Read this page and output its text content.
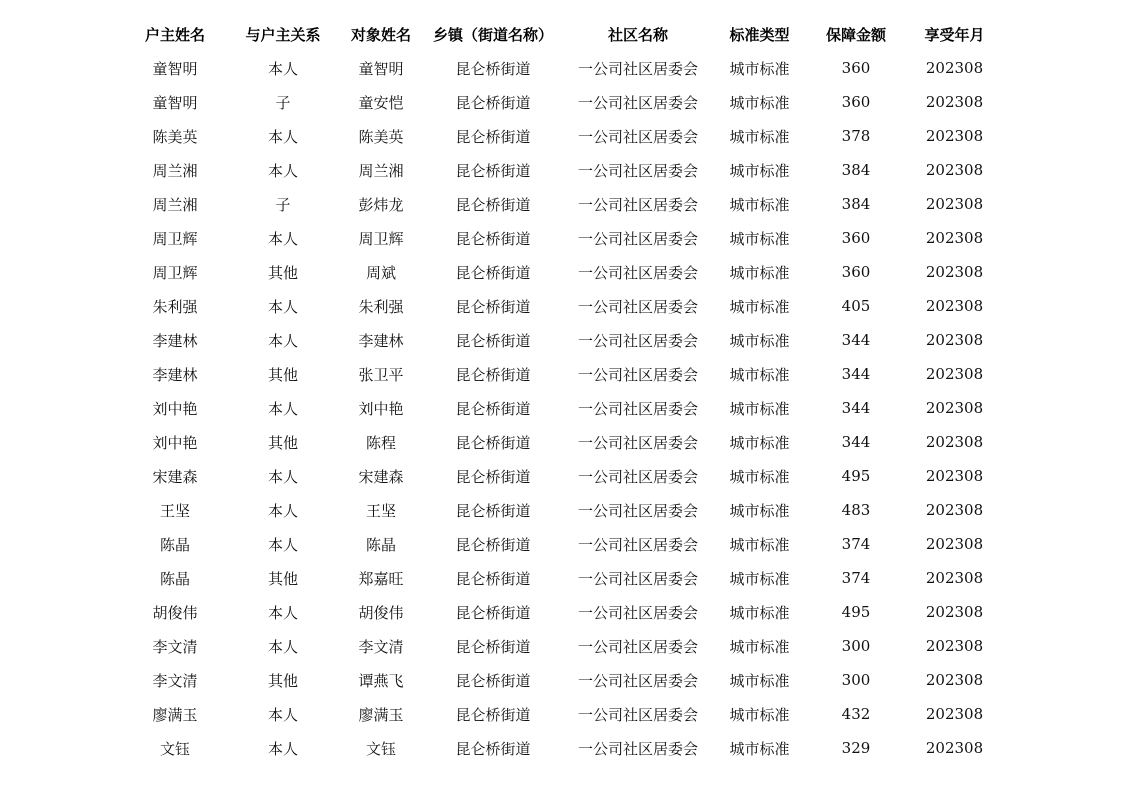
户主姓名	与户主关系	对象姓名	乡镇（街道名称）	社区名称	标准类型	保障金额	享受年月
童智明	本人	童智明	昆仑桥街道	一公司社区居委会	城市标准	360	202308
童智明	子	童安恺	昆仑桥街道	一公司社区居委会	城市标准	360	202308
陈美英	本人	陈美英	昆仑桥街道	一公司社区居委会	城市标准	378	202308
周兰湘	本人	周兰湘	昆仑桥街道	一公司社区居委会	城市标准	384	202308
周兰湘	子	彭炜龙	昆仑桥街道	一公司社区居委会	城市标准	384	202308
周卫辉	本人	周卫辉	昆仑桥街道	一公司社区居委会	城市标准	360	202308
周卫辉	其他	周斌	昆仑桥街道	一公司社区居委会	城市标准	360	202308
朱利强	本人	朱利强	昆仑桥街道	一公司社区居委会	城市标准	405	202308
李建林	本人	李建林	昆仑桥街道	一公司社区居委会	城市标准	344	202308
李建林	其他	张卫平	昆仑桥街道	一公司社区居委会	城市标准	344	202308
刘中艳	本人	刘中艳	昆仑桥街道	一公司社区居委会	城市标准	344	202308
刘中艳	其他	陈程	昆仑桥街道	一公司社区居委会	城市标准	344	202308
宋建森	本人	宋建森	昆仑桥街道	一公司社区居委会	城市标准	495	202308
王坚	本人	王坚	昆仑桥街道	一公司社区居委会	城市标准	483	202308
陈晶	本人	陈晶	昆仑桥街道	一公司社区居委会	城市标准	374	202308
陈晶	其他	郑嘉旺	昆仑桥街道	一公司社区居委会	城市标准	374	202308
胡俊伟	本人	胡俊伟	昆仑桥街道	一公司社区居委会	城市标准	495	202308
李文清	本人	李文清	昆仑桥街道	一公司社区居委会	城市标准	300	202308
李文清	其他	谭燕飞	昆仑桥街道	一公司社区居委会	城市标准	300	202308
廖满玉	本人	廖满玉	昆仑桥街道	一公司社区居委会	城市标准	432	202308
文钰	本人	文钰	昆仑桥街道	一公司社区居委会	城市标准	329	202308
